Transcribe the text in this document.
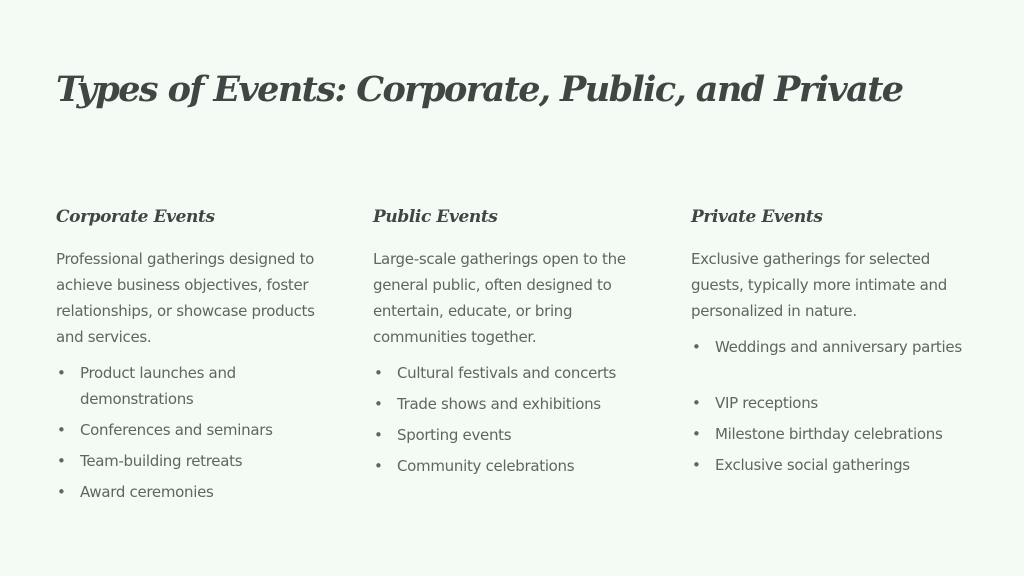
Types of Events: Corporate, Public, and Private
Corporate Events

Professional gatherings designed to achieve business objectives, foster relationships, or showcase products and services.

• Product launches and demonstrations
• Conferences and seminars
• Team-building retreats
• Award ceremonies
Public Events

Large-scale gatherings open to the general public, often designed to entertain, educate, or bring communities together.

• Cultural festivals and concerts
• Trade shows and exhibitions
• Sporting events
• Community celebrations
Private Events

Exclusive gatherings for selected guests, typically more intimate and personalized in nature.

• Weddings and anniversary parties
• VIP receptions
• Milestone birthday celebrations
• Exclusive social gatherings
